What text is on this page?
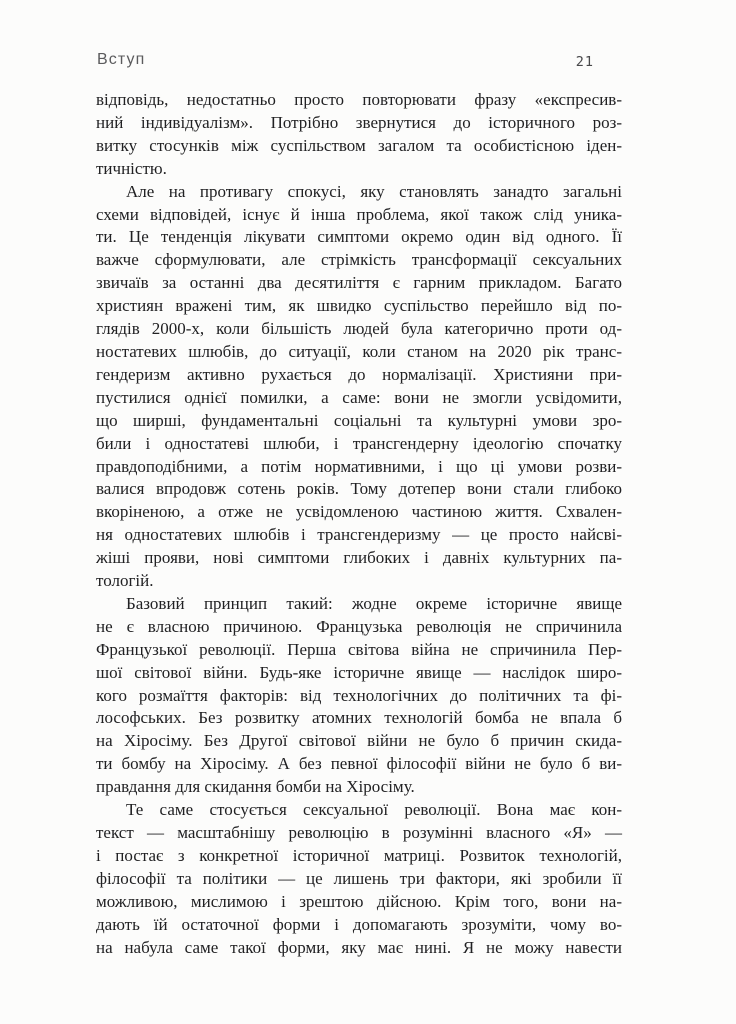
Вступ	21
відповідь, недостатньо просто повторювати фразу «експресив-
ний індивідуалізм». Потрібно звернутися до історичного роз-
витку стосунків між суспільством загалом та особистісною іден-
тичністю.
Але на противагу спокусі, яку становлять занадто загальні
схеми відповідей, існує й інша проблема, якої також слід уника-
ти. Це тенденція лікувати симптоми окремо один від одного. Її
важче сформулювати, але стрімкість трансформації сексуальних
звичаїв за останні два десятиліття є гарним прикладом. Багато
християн вражені тим, як швидко суспільство перейшло від по-
глядів 2000-х, коли більшість людей була категорично проти од-
ностатевих шлюбів, до ситуації, коли станом на 2020 рік транс-
гендеризм активно рухається до нормалізації. Християни при-
пустилися однієї помилки, а саме: вони не змогли усвідомити,
що ширші, фундаментальні соціальні та культурні умови зро-
били і одностатеві шлюби, і трансгендерну ідеологію спочатку
правдоподібними, а потім нормативними, і що ці умови розви-
валися впродовж сотень років. Тому дотепер вони стали глибоко
вкоріненою, а отже не усвідомленою частиною життя. Схвален-
ня одностатевих шлюбів і трансгендеризму — це просто найсві-
жіші прояви, нові симптоми глибоких і давніх культурних па-
тологій.
Базовий принцип такий: жодне окреме історичне явище
не є власною причиною. Французька революція не спричинила
Французької революції. Перша світова війна не спричинила Пер-
шої світової війни. Будь-яке історичне явище — наслідок широ-
кого розмаїття факторів: від технологічних до політичних та фі-
лософських. Без розвитку атомних технологій бомба не впала б
на Хіросіму. Без Другої світової війни не було б причин скида-
ти бомбу на Хіросіму. А без певної філософії війни не було б ви-
правдання для скидання бомби на Хіросіму.
Те саме стосується сексуальної революції. Вона має кон-
текст — масштабнішу революцію в розумінні власного «Я» —
і постає з конкретної історичної матриці. Розвиток технологій,
філософії та політики — це лишень три фактори, які зробили її
можливою, мислимою і зрештою дійсною. Крім того, вони на-
дають їй остаточної форми і допомагають зрозуміти, чому во-
на набула саме такої форми, яку має нині. Я не можу навести
